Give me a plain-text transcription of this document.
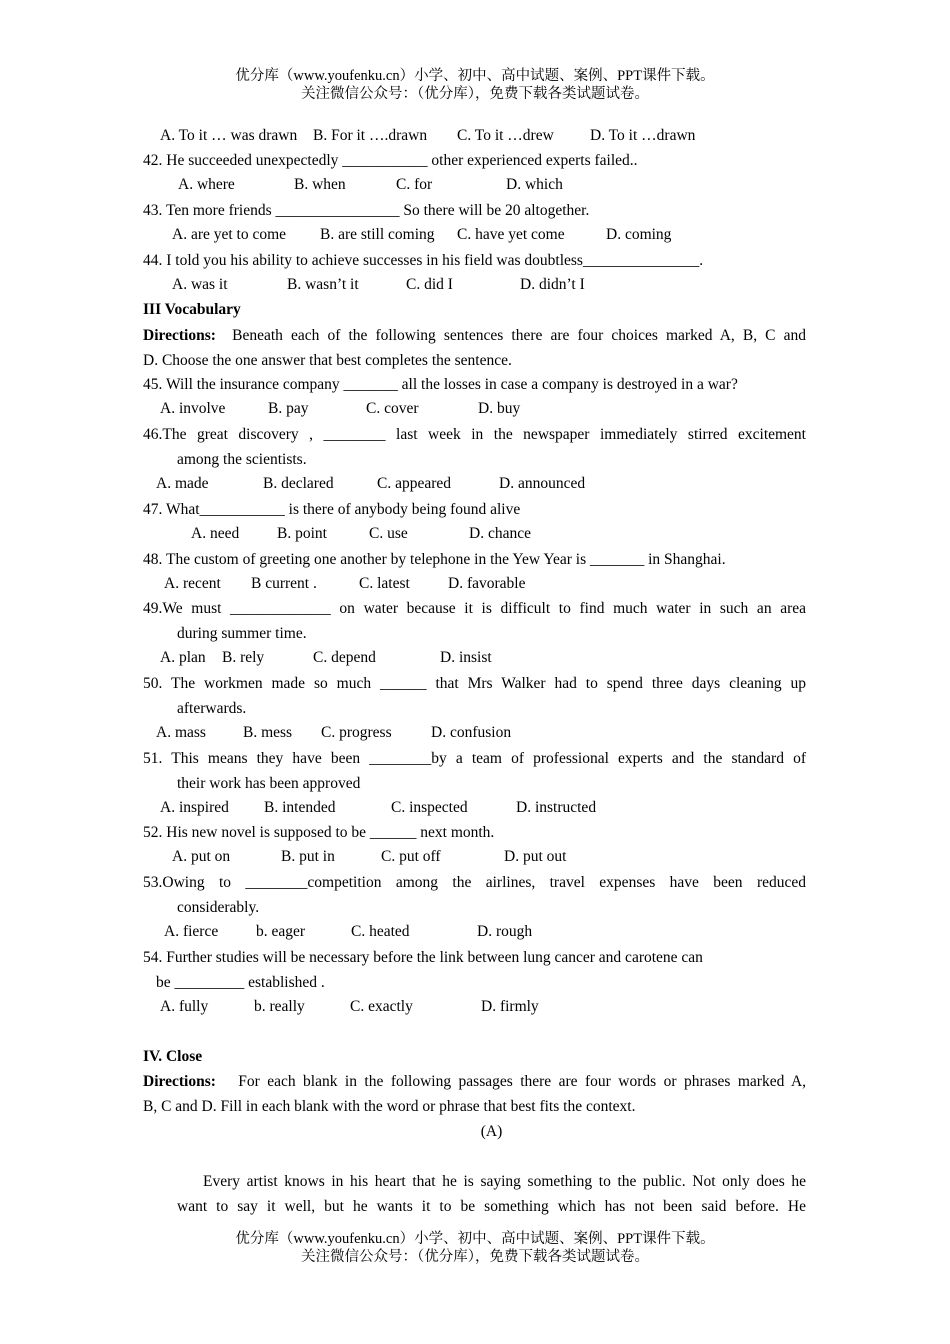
优分库（www.youfenku.cn）小学、初中、高中试题、案例、PPT课件下载。
关注微信公众号：（优分库），免费下载各类试题试卷。
A. To it … was drawn B. For it ….drawn C. To it …drew D. To it …drawn
42. He succeeded unexpectedly ___________ other experienced experts failed..
A. where	B. when	C. for	D. which
43. Ten more friends ________________ So there will be 20 altogether.
A. are yet to come B. are still coming C. have yet come	D. coming
44. I told you his ability to achieve successes in his field was doubtless_______________.
A. was it	B. wasn’t it	C. did I	D. didn’t I
III Vocabulary
Directions: Beneath each of the following sentences there are four choices marked A, B, C and
D. Choose the one answer that best completes the sentence.
45. Will the insurance company _______ all the losses in case a company is destroyed in a war?
A. involve	B. pay	C. cover	D. buy
46.The great discovery , ________ last week in the newspaper immediately stirred excitement
among the scientists.
A. made	B. declared	C. appeared	D. announced
47. What___________ is there of anybody being found alive
A. need B. point	C. use	D. chance
48. The custom of greeting one another by telephone in the Yew Year is _______ in Shanghai.
A. recent B current .	C. latest D. favorable
49.We must _____________ on water because it is difficult to find much water in such an area
during summer time.
A. plan B. rely	C. depend	D. insist
50. The workmen made so much ______ that Mrs Walker had to spend three days cleaning up
afterwards.
A. mass B. mess C. progress	D. confusion
51. This means they have been ________by a team of professional experts and the standard of
their work has been approved
A. inspired B. intended	C. inspected	D. instructed
52. His new novel is supposed to be ______ next month.
A. put on	B. put in	C. put off	D. put out
53.Owing to ________competition among the airlines, travel expenses have been reduced
considerably.
A. fierce b. eager	C. heated	D. rough
54. Further studies will be necessary before the link between lung cancer and carotene can
be _________ established .
A. fully	b. really	C. exactly	D. firmly
IV. Close
Directions: For each blank in the following passages there are four words or phrases marked A,
B, C and D. Fill in each blank with the word or phrase that best fits the context.
(A)
Every artist knows in his heart that he is saying something to the public. Not only does he
want to say it well, but he wants it to be something which has not been said before. He
优分库（www.youfenku.cn）小学、初中、高中试题、案例、PPT课件下载。
关注微信公众号：（优分库），免费下载各类试题试卷。
